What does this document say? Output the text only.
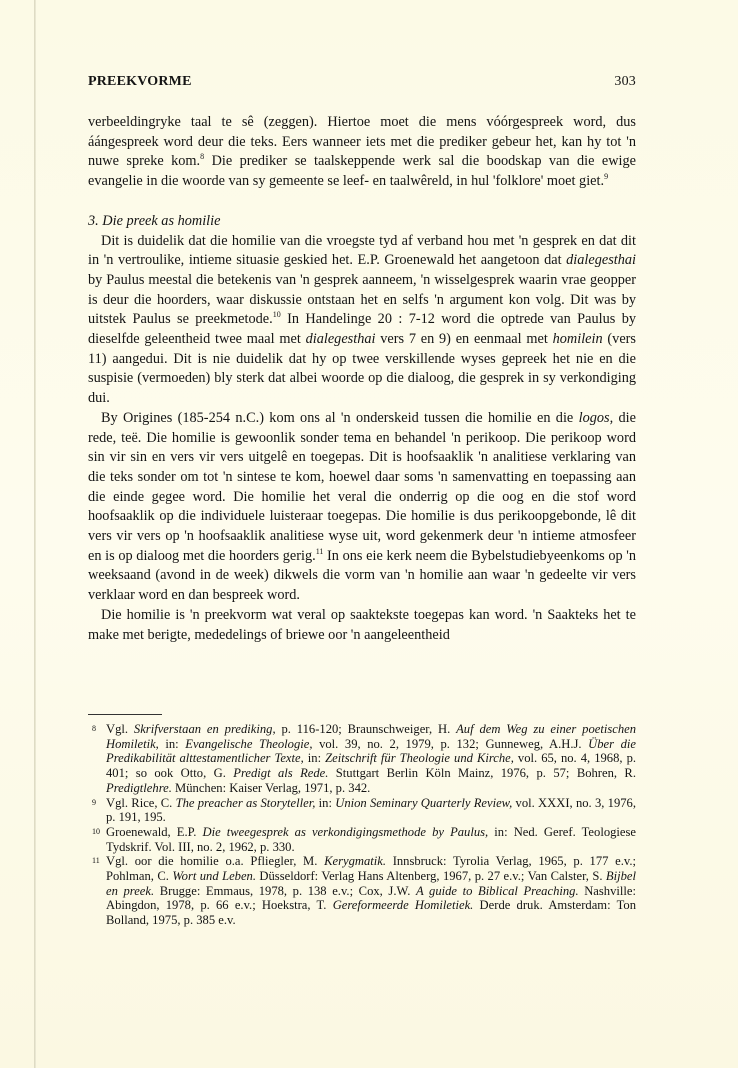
PREEKVORME	303

verbeeldingryke taal te sê (zeggen). Hiertoe moet die mens vóórgespreek word, dus áángespreek word deur die teks. Eers wanneer iets met die prediker gebeur het, kan hy tot 'n nuwe spreke kom.$^8$ Die prediker se taalskeppende werk sal die boodskap van die ewige evangelie in die woorde van sy gemeente se leef- en taalwêreld, in hul 'folklore' moet giet.$^9$

3. Die preek as homilie

Dit is duidelik dat die homilie van die vroegste tyd af verband hou met 'n gesprek en dat dit in 'n vertroulike, intieme situasie geskied het. E.P. Groenewald het aangetoon dat dialegesthai by Paulus meestal die betekenis van 'n gesprek aanneem, 'n wisselgesprek waarin vrae geopper is deur die hoorders, waar diskussie ontstaan het en selfs 'n argument kon volg. Dit was by uitstek Paulus se preekmetode.$^{10}$ In Handelinge 20 : 7-12 word die optrede van Paulus by dieselfde geleentheid twee maal met dialegesthai vers 7 en 9) en eenmaal met homilein (vers 11) aangedui. Dit is nie duidelik dat hy op twee verskillende wyses gepreek het nie en die suspisie (vermoeden) bly sterk dat albei woorde op die dialoog, die gesprek in sy verkondiging dui.

By Origines (185-254 n.C.) kom ons al 'n onderskeid tussen die homilie en die logos, die rede, teë. Die homilie is gewoonlik sonder tema en behandel 'n perikoop. Die perikoop word sin vir sin en vers vir vers uitgelê en toegepas. Dit is hoofsaaklik 'n analitiese verklaring van die teks sonder om tot 'n sintese te kom, hoewel daar soms 'n samenvatting en toepassing aan die einde gegee word. Die homilie het veral die onderrig op die oog en die stof word hoofsaaklik op die individuele luisteraar toegepas. Die homilie is dus perikoopgebonde, lê dit vers vir vers op 'n hoofsaaklik analitiese wyse uit, word gekenmerk deur 'n intieme atmosfeer en is op dialoog met die hoorders gerig.$^{11}$ In ons eie kerk neem die Bybelstudiebyeenkoms op 'n weeksaand (avond in de week) dikwels die vorm van 'n homilie aan waar 'n gedeelte vir vers verklaar word en dan bespreek word.

Die homilie is 'n preekvorm wat veral op saaktekste toegepas kan word. 'n Saakteks het te make met berigte, mededelings of briewe oor 'n aangeleentheid

8 Vgl. Skrifverstaan en prediking, p. 116-120; Braunschweiger, H. Auf dem Weg zu einer poetischen Homiletik, in: Evangelische Theologie, vol. 39, no. 2, 1979, p. 132; Gunneweg, A.H.J. Über die Predikabilität alttestamentlicher Texte, in: Zeitschrift für Theologie und Kirche, vol. 65, no. 4, 1968, p. 401; so ook Otto, G. Predigt als Rede. Stuttgart Berlin Köln Mainz, 1976, p. 57; Bohren, R. Predigtlehre. München: Kaiser Verlag, 1971, p. 342.

9 Vgl. Rice, C. The preacher as Storyteller, in: Union Seminary Quarterly Review, vol. XXXI, no. 3, 1976, p. 191, 195.

10 Groenewald, E.P. Die tweegesprek as verkondigingsmethode by Paulus, in: Ned. Geref. Teologiese Tydskrif. Vol. III, no. 2, 1962, p. 330.

11 Vgl. oor die homilie o.a. Pfliegler, M. Kerygmatik. Innsbruck: Tyrolia Verlag, 1965, p. 177 e.v.; Pohlman, C. Wort und Leben. Düsseldorf: Verlag Hans Altenberg, 1967, p. 27 e.v.; Van Calster, S. Bijbel en preek. Brugge: Emmaus, 1978, p. 138 e.v.; Cox, J.W. A guide to Biblical Preaching. Nashville: Abingdon, 1978, p. 66 e.v.; Hoekstra, T. Gereformeerde Homiletiek. Derde druk. Amsterdam: Ton Bolland, 1975, p. 385 e.v.
